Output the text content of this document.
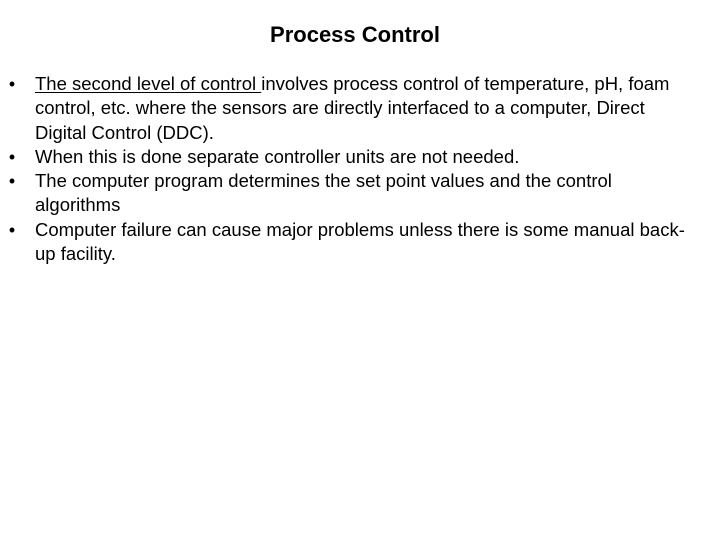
Process Control
• The second level of control involves process control of temperature, pH, foam control, etc. where the sensors are directly interfaced to a computer, Direct Digital Control (DDC).
• When this is done separate controller units are not needed.
• The computer program determines the set point values and the control algorithms
• Computer failure can cause major problems unless there is some manual back-up facility.
